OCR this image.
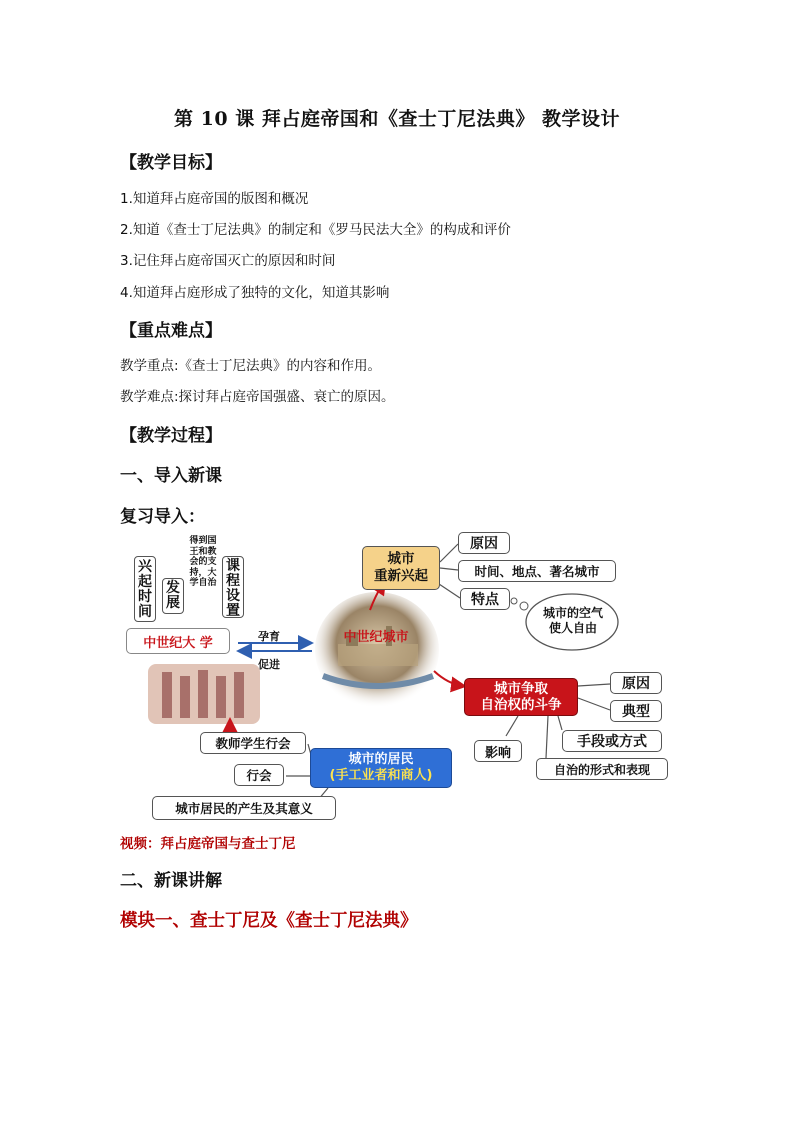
第 10 课 拜占庭帝国和《查士丁尼法典》 教学设计
【教学目标】
1.知道拜占庭帝国的版图和概况
2.知道《查士丁尼法典》的制定和《罗马民法大全》的构成和评价
3.记住拜占庭帝国灭亡的原因和时间
4.知道拜占庭形成了独特的文化，知道其影响
【重点难点】
教学重点:《查士丁尼法典》的内容和作用。
教学难点:探讨拜占庭帝国强盛、衰亡的原因。
【教学过程】
一、导入新课
复习导入：
兴起时间
发展
得到国王和教会的支持，大学自治
课程设置
中世纪大 学	孕育
促进
中世纪城市
城市
重新兴起
原因
时间、地点、著名城市
特点
城市的空气
使人自由
城市争取
自治权的斗争
原因
典型
手段或方式
自治的形式和表现
影响
城市的居民
(手工业者和商人)
教师学生行会
行会
城市居民的产生及其意义
视频：拜占庭帝国与查士丁尼
二、新课讲解
模块一、查士丁尼及《查士丁尼法典》
